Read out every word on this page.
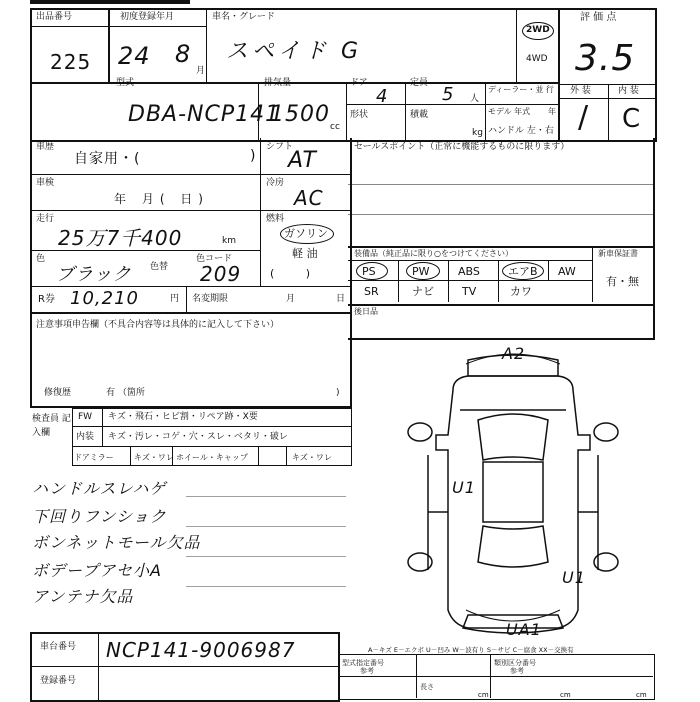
出品番号
225
初度登録年月
24 8
月
車名・グレード
スペイド G
2WD
4WD
評 価 点
3.5
外 装	内 装
/ C
型式
DBA-NCP141
排気量
1500 cc
ドア
4
定員
5 人
形状	積載
kg
ディーラー・並 行
モデル 年式 年
ハンドル 左・右
車歴
自家用・(	)
シフト
AT
車検
年 月( 日)
冷房
AC
走行
25万7千400	km
燃料
ガソリン
軽 油
( )
色
ブラック 色替
色コード
209
R券 10,210	円 名変期限	月	日
注意事項申告欄（不具合内容等は具体的に記入して下さい）
修復歴	有 （箇所	)
検査員 記入欄
FW キズ・飛石・ヒビ割・リペア跡・X要
内装 キズ・汚レ・コゲ・穴・スレ・ベタリ・破レ
ドアミラー	キズ・ワレ ホイール・キャップ	キズ・ワレ
ハンドルスレハゲ
下回りフンショク
ボンネットモール欠品
ボデープアセ小A
アンテナ欠品
セールスポイント（正常に機能するものに限ります）
装備品（純正品に限り○をつけてください）	新車保証書
有・無
PS	PW	ABS	エアB AW
SR	ナビ	TV	カワ
後日品
A2
U1
U1
UA1
A－キズ E－エクボ U－凹み W－波有り S－サビ C－腐食 XX－交換有
車台番号 NCP141-9006987
登録番号
型式指定番号	類別区分番号
参考	参考
長さ
cm	cm	cm
